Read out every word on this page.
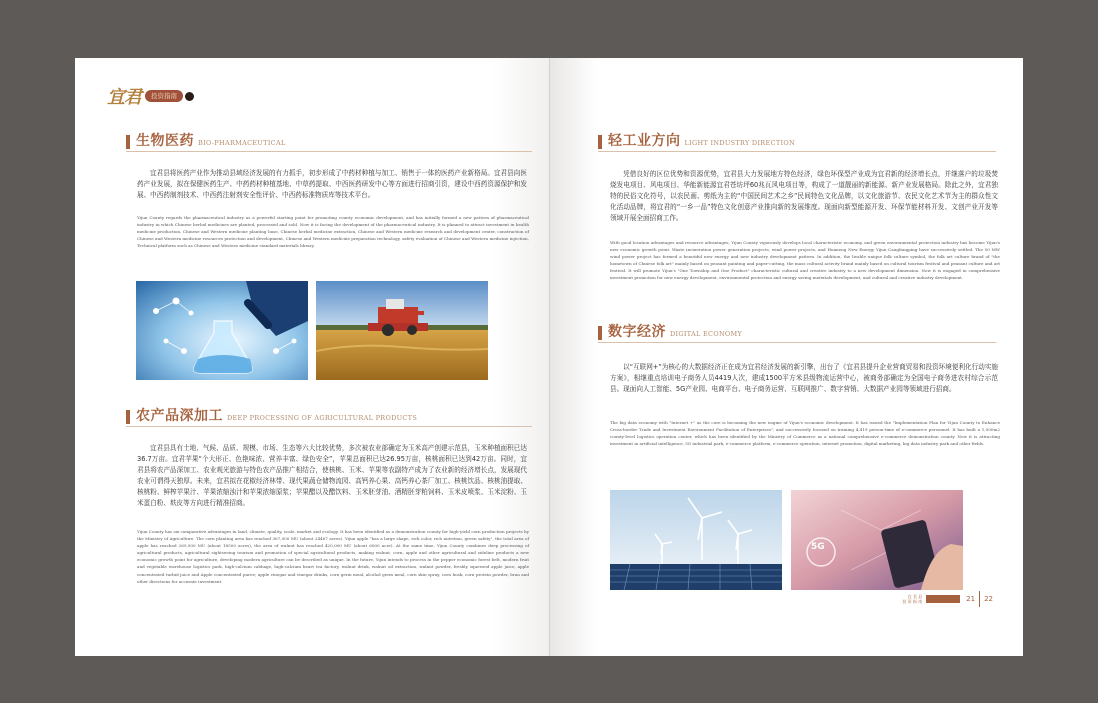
宜君	投资指南
生物医药 BIO-PHARMACEUTICAL
宜君县将医药产业作为推动县域经济发展的有力抓手，初步形成了中药材种植与加工、销售于一体的医药产业新格局。宜君县向医药产业发展，拟在保健医药生产、中药药材种植基地、中草药提取、中西医药研发中心等方面进行招商引资，建设中西药资源保护和发展、中西药制剂技术、中西药注射剂安全性评价、中西药标准物质库等技术平台。
Yijun County regards the pharmaceutical industry as a powerful starting point for promoting county economic development, and has initially formed a new pattern of pharmaceutical industry in which Chinese herbal medicines are planted, processed and sold. Now it is facing the development of the pharmaceutical industry. It is planned to attract investment in health medicine production, Chinese and Western medicine planting base, Chinese herbal medicine extraction, Chinese and Western medicine research and development center, construction of Chinese and Western medicine resources protection and development, Chinese and Western medicine preparation technology, safety evaluation of Chinese and Western medicine injection, Technical platform such as Chinese and Western medicine standard materials library.
农产品深加工 DEEP PROCESSING OF AGRICULTURAL PRODUCTS
宜君县具有土地、气候、品质、规模、市场、生态等六大比较优势，多次被农业部确定为玉米高产创建示范县，玉米种植面积已达36.7万亩。宜君苹果“个大形正、色艳味浓、营养丰富、绿色安全”，苹果总面积已达26.95万亩，核桃面积已达到42万亩。同时，宜君县将农产品深加工、农业观光旅游与特色农产品推广相结合，使核桃、玉米、苹果等农副特产成为了农业新的经济增长点，发展现代农业可谓得天独厚。未来，宜君拟在花椒经济林带、现代果蔬仓储物流园、高钙养心果、高钙养心茶厂加工、核桃饮品、核桃油提取、核桃粉、鲜榨苹果汁、苹果浓缩浊汁和苹果浓缩原浆；苹果醋以及醋饮料、玉米胚芽油、酒精胚芽粕饲料、玉米皮喷浆、玉米淀粉、玉米蛋白粉、麸皮等方向进行精准招商。
Yijun County has six comparative advantages in land, climate, quality, scale, market and ecology. It has been identified as a demonstration county for high-yield corn production projects by the Ministry of Agriculture. The corn planting area has reached 367,000 MU (about 24467 acres). Yijun apple "has a large shape, rich color, rich nutrition, green safety", the total area of apple has reached 269,500 MU (about 18500 acres), the area of walnut has reached 420,000 MU (about 6000 acre). At the same time, Yijun County combines deep processing of agricultural products, agricultural sightseeing tourism and promotion of special agricultural products, making walnut, corn, apple and other agricultural and sideline products a new economic growth point for agriculture, developing modern agriculture can be described as unique. In the future, Yijun intends to process in the pepper economic forest belt, modern fruit and vegetable warehouse logistics park, high-calcium cabbage, high-calcium heart tea factory, walnut drink, walnut oil extraction, walnut powder, freshly squeezed apple juice, apple concentrated turbid juice and Apple concentrated puree; apple vinegar and vinegar drinks, corn germ meal, alcohol germ meal, corn skin spray, corn husk, corn protein powder, bran and other directions for accurate investment.
轻工业方向 LIGHT INDUSTRY DIRECTION
凭借良好的区位优势和资源优势，宜君县大力发展地方特色经济，绿色环保型产业成为宜君新的经济增长点，并继落户的垃圾焚烧发电项目、风电项目、华能新能源宜君苍坊坪60兆瓦风电项目等，构成了一道靓丽的新能源、新产业发展格局。除此之外，宜君独特的民俗文化符号，以农民画、剪纸为主的“中国民间艺术之乡”民间特色文化品牌，以文化旅游节、农民文化艺术节为主的群众性文化活动品牌，将宜君的“一乡一品”特色文化创意产业推向新的发展维度。现面向新型能源开发、环保节能材料开发、文创产业开发等领域开展全面招商工作。
With good location advantages and resource advantages, Yijun County vigorously develops local characteristic economy, and green environmental protection industry has become Yijun's new economic growth point. Waste incineration power generation projects, wind power projects, and Huaneng New Energy Yijun Cangfangping have successively settled. The 50 MW wind power project has formed a beautiful new energy and new industry development pattern. In addition, the livable unique folk culture symbol, the folk art culture brand of "the hometown of Chinese folk art" mainly based on peasant painting and paper-cutting, the mass cultural activity brand mainly based on cultural tourism festival and peasant culture and art festival. It will promote Yijun's "One Township and One Product" characteristic cultural and creative industry to a new development dimension. Now it is engaged in comprehensive investment promotion for new energy development, environmental protection and energy saving materials development, and cultural and creative industry development.
数字经济 DIGITAL ECONOMY
以“互联网+”为核心的大数据经济正在成为宜君经济发展的新引擎，出台了《宜君县提升企业营商贸易和投资环境便利化行动实施方案》，相继重点培训电子商务人员4419人次，建成1500平方米县级物流运营中心，被商务部确定为全国电子商务进农村综合示范县。现面向人工智能、5G产业园、电商平台、电子商务运营、互联网推广、数字营销、大数据产业园等领域进行招商。
The big data economy with "Internet +" as the core is becoming the new engine of Yijun's economic development. It has issued the "Implementation Plan for Yijun County to Enhance Cross-border Trade and Investment Environment Facilitation of Enterprises", and successively focused on training 4,419 person-time of e-commerce personnel. It has built a 1,500m2 county-level logistics operation center, which has been identified by the Ministry of Commerce as a national comprehensive e-commerce demonstration county. Now it is attracting investment in artificial intelligence, 5G industrial park, e-commerce platform, e-commerce operation, internet promotion, digital marketing, big data industry park and other fields.
5G
宜 君 县
投 资 指 南	21 22
